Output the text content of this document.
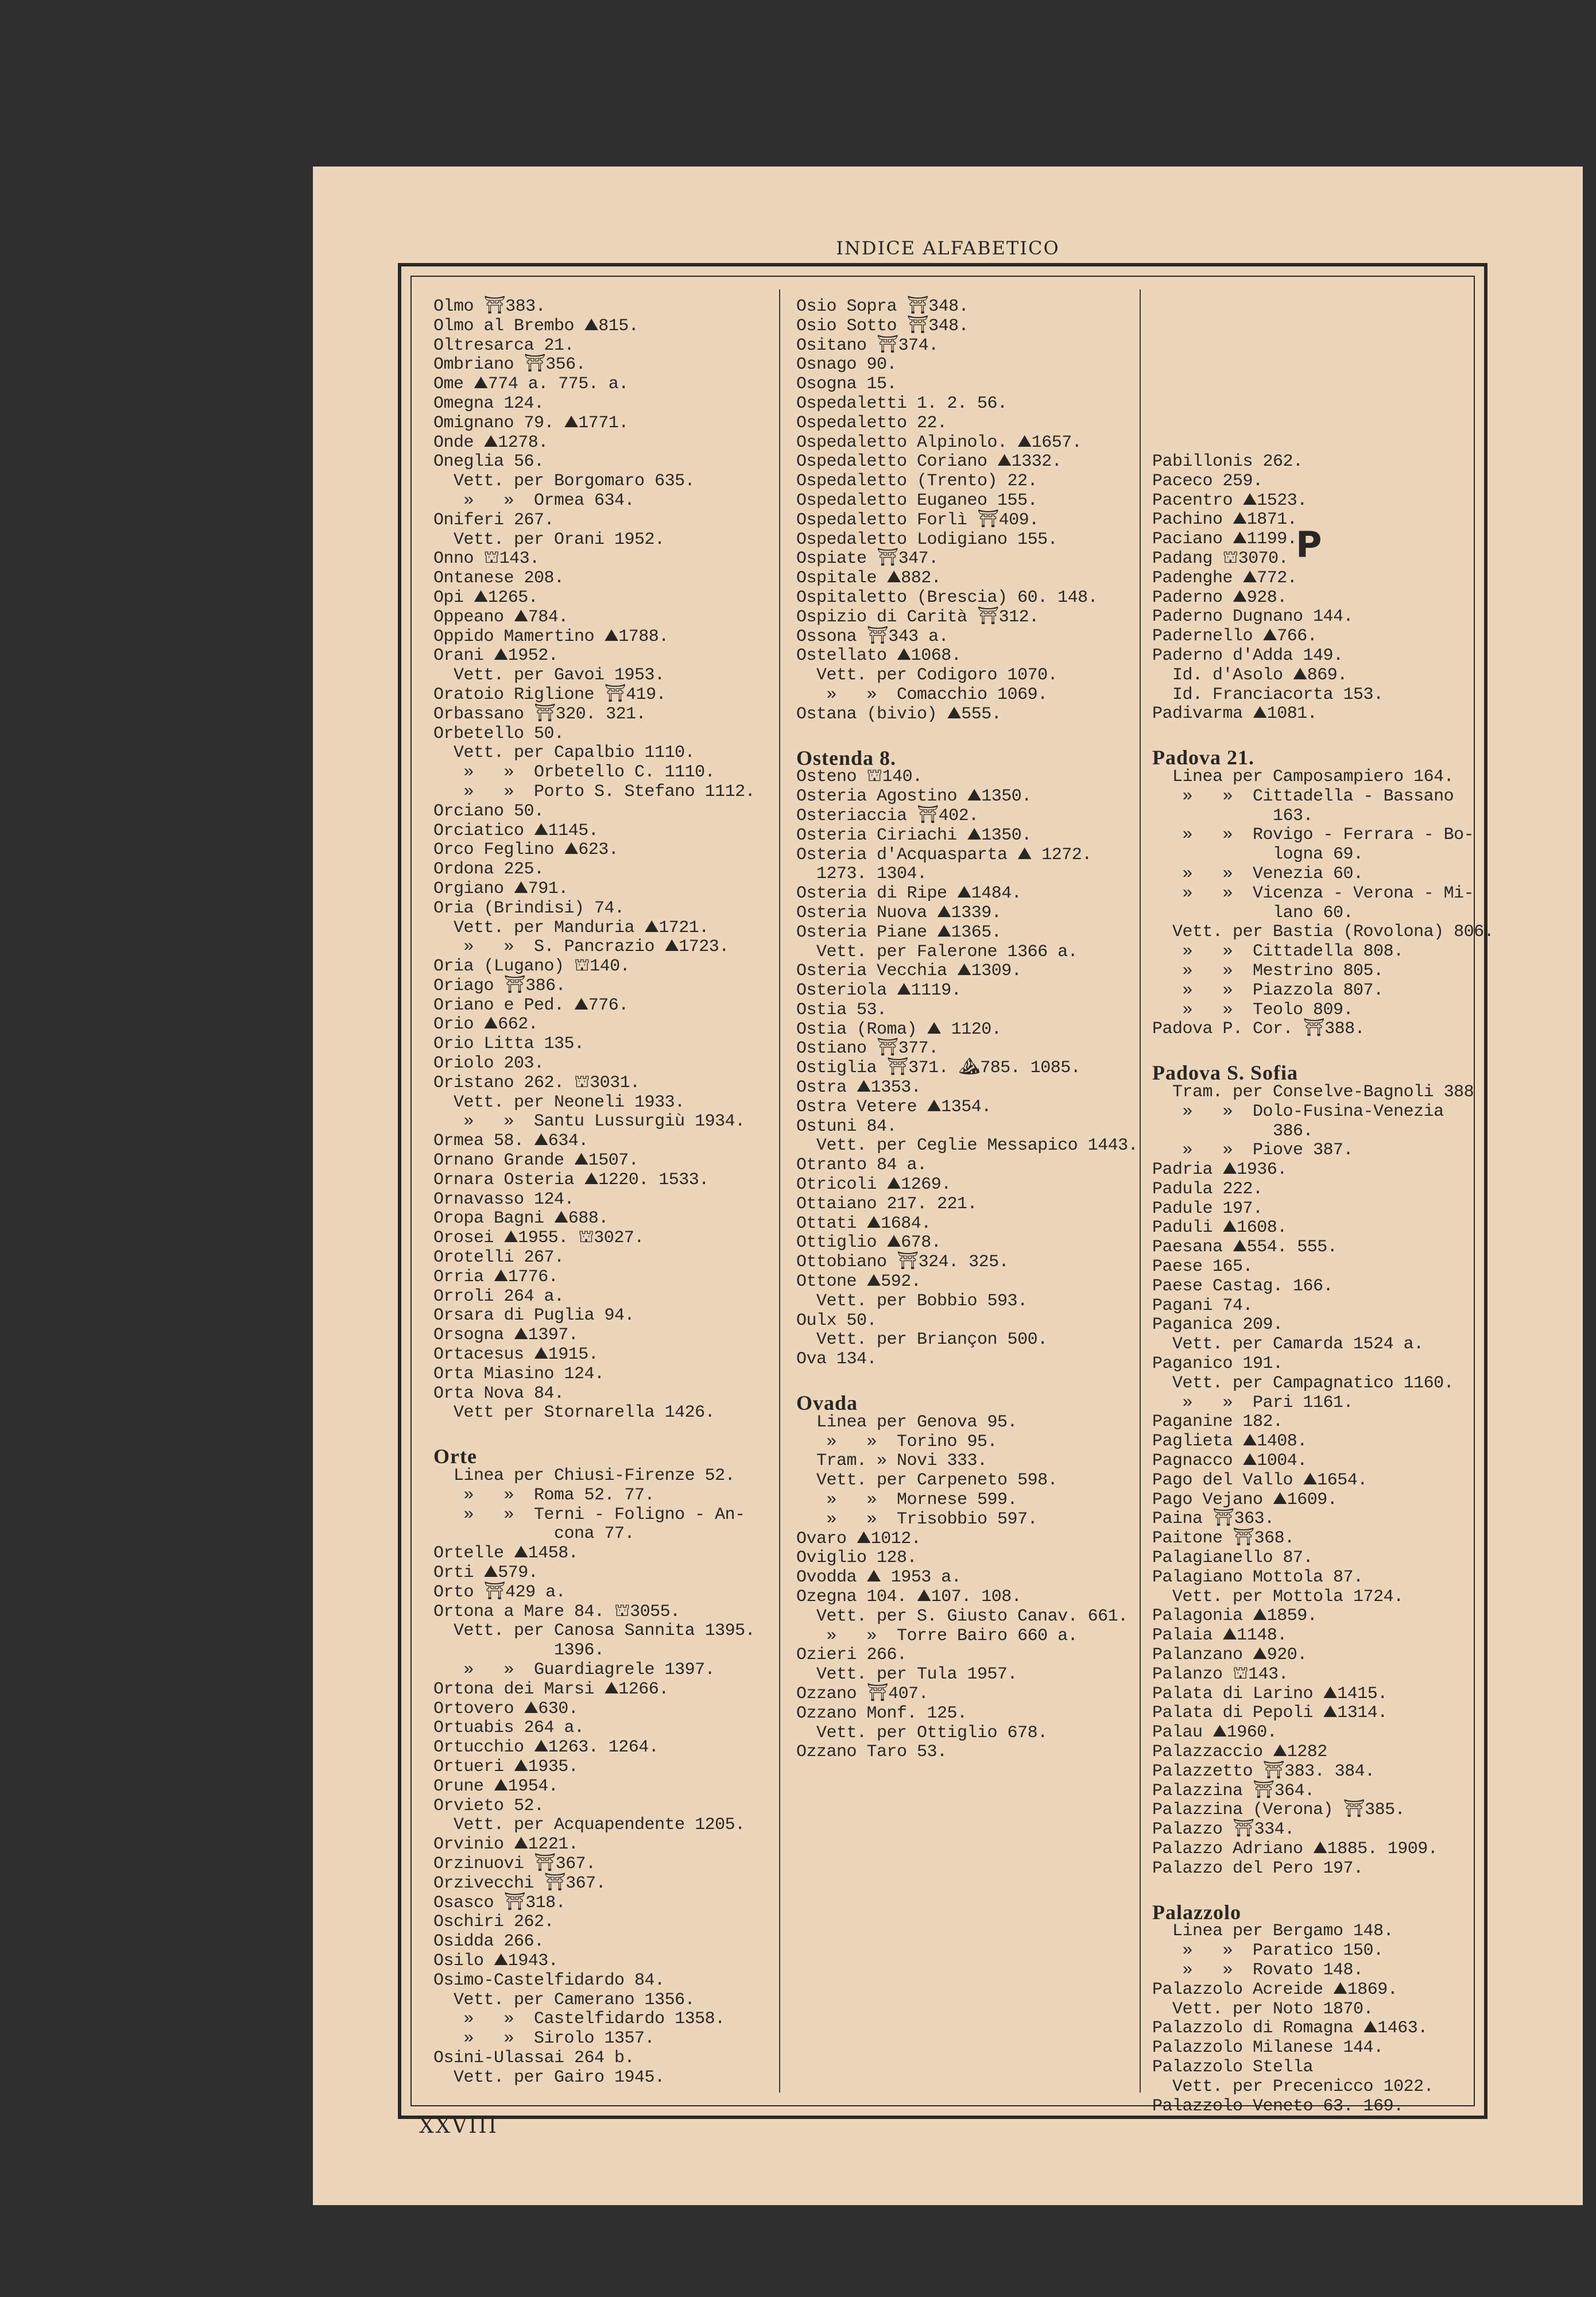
INDICE ALFABETICO
Olmo ⛩383.
Olmo al Brembo ⛰815.
Oltresarca 21.
Ombriano ⛩356.
Ome ⛰774 a. 775. a.
Omegna 124.
Omignano 79. ⛰1771.
Onde ⛰1278.
Oneglia 56.
Vett. per Borgomaro 635.
»   »  Ormea 634.
Oniferi 267.
Vett. per Orani 1952.
Onno ⛫143.
Ontanese 208.
Opi ⛰1265.
Oppeano ⛰784.
Oppido Mamertino ⛰1788.
Orani ⛰1952.
Vett. per Gavoi 1953.
Oratoio Riglione ⛩419.
Orbassano ⛩320. 321.
Orbetello 50.
Vett. per Capalbio 1110.
»   »  Orbetello C. 1110.
»   »  Porto S. Stefano 1112.
Orciano 50.
Orciatico ⛰1145.
Orco Feglino ⛰623.
Ordona 225.
Orgiano ⛰791.
Oria (Brindisi) 74.
Vett. per Manduria ⛰1721.
»   »  S. Pancrazio ⛰1723.
Oria (Lugano) ⛫140.
Oriago ⛩386.
Oriano e Ped. ⛰776.
Orio ⛰662.
Orio Litta 135.
Oriolo 203.
Oristano 262. ⛫3031.
Vett. per Neoneli 1933.
»   »  Santu Lussurgiù 1934.
Ormea 58. ⛰634.
Ornano Grande ⛰1507.
Ornara Osteria ⛰1220. 1533.
Ornavasso 124.
Oropa Bagni ⛰688.
Orosei ⛰1955. ⛫3027.
Orotelli 267.
Orria ⛰1776.
Orroli 264 a.
Orsara di Puglia 94.
Orsogna ⛰1397.
Ortacesus ⛰1915.
Orta Miasino 124.
Orta Nova 84.
Vett per Stornarella 1426.
Orte
Linea per Chiusi-Firenze 52.
»   »  Roma 52. 77.
»   »  Terni - Foligno - An-
cona 77.
Ortelle ⛰1458.
Orti ⛰579.
Orto ⛩429 a.
Ortona a Mare 84. ⛫3055.
Vett. per Canosa Sannita 1395.
1396.
»   »  Guardiagrele 1397.
Ortona dei Marsi ⛰1266.
Ortovero ⛰630.
Ortuabis 264 a.
Ortucchio ⛰1263. 1264.
Ortueri ⛰1935.
Orune ⛰1954.
Orvieto 52.
Vett. per Acquapendente 1205.
Orvinio ⛰1221.
Orzinuovi ⛩367.
Orzivecchi ⛩367.
Osasco ⛩318.
Oschiri 262.
Osidda 266.
Osilo ⛰1943.
Osimo-Castelfidardo 84.
Vett. per Camerano 1356.
»   »  Castelfidardo 1358.
»   »  Sirolo 1357.
Osini-Ulassai 264 b.
Vett. per Gairo 1945.
Osio Sopra ⛩348.
Osio Sotto ⛩348.
Ositano ⛩374.
Osnago 90.
Osogna 15.
Ospedaletti 1. 2. 56.
Ospedaletto 22.
Ospedaletto Alpinolo. ⛰1657.
Ospedaletto Coriano ⛰1332.
Ospedaletto (Trento) 22.
Ospedaletto Euganeo 155.
Ospedaletto Forlì ⛩409.
Ospedaletto Lodigiano 155.
Ospiate ⛩347.
Ospitale ⛰882.
Ospitaletto (Brescia) 60. 148.
Ospizio di Carità ⛩312.
Ossona ⛩343 a.
Ostellato ⛰1068.
Vett. per Codigoro 1070.
»   »  Comacchio 1069.
Ostana (bivio) ⛰555.
Ostenda 8.
Osteno ⛫140.
Osteria Agostino ⛰1350.
Osteriaccia ⛩402.
Osteria Ciriachi ⛰1350.
Osteria d'Acquasparta ⛰ 1272.
1273. 1304.
Osteria di Ripe ⛰1484.
Osteria Nuova ⛰1339.
Osteria Piane ⛰1365.
Vett. per Falerone 1366 a.
Osteria Vecchia ⛰1309.
Osteriola ⛰1119.
Ostia 53.
Ostia (Roma) ⛰ 1120.
Ostiano ⛩377.
Ostiglia ⛩371. ⛰785. 1085.
Ostra ⛰1353.
Ostra Vetere ⛰1354.
Ostuni 84.
Vett. per Ceglie Messapico 1443.
Otranto 84 a.
Otricoli ⛰1269.
Ottaiano 217. 221.
Ottati ⛰1684.
Ottiglio ⛰678.
Ottobiano ⛩324. 325.
Ottone ⛰592.
Vett. per Bobbio 593.
Oulx 50.
Vett. per Briançon 500.
Ova 134.
Ovada
Linea per Genova 95.
»   »  Torino 95.
Tram. » Novi 333.
Vett. per Carpeneto 598.
»   »  Mornese 599.
»   »  Trisobbio 597.
Ovaro ⛰1012.
Oviglio 128.
Ovodda ⛰ 1953 a.
Ozegna 104. ⛰107. 108.
Vett. per S. Giusto Canav. 661.
»   »  Torre Bairo 660 a.
Ozieri 266.
Vett. per Tula 1957.
Ozzano ⛩407.
Ozzano Monf. 125.
Vett. per Ottiglio 678.
Ozzano Taro 53.
Pabillonis 262.
Paceco 259.
Pacentro ⛰1523.
Pachino ⛰1871.
Paciano ⛰1199.
Padang ⛫3070.
Padenghe ⛰772.
Paderno ⛰928.
Paderno Dugnano 144.
Padernello ⛰766.
Paderno d'Adda 149.
Id. d'Asolo ⛰869.
Id. Franciacorta 153.
Padivarma ⛰1081.
Padova 21.
Linea per Camposampiero 164.
»   »  Cittadella - Bassano
163.
»   »  Rovigo - Ferrara - Bo-
logna 69.
»   »  Venezia 60.
»   »  Vicenza - Verona - Mi-
lano 60.
Vett. per Bastia (Rovolona) 806.
»   »  Cittadella 808.
»   »  Mestrino 805.
»   »  Piazzola 807.
»   »  Teolo 809.
Padova P. Cor. ⛩388.
Padova S. Sofia
Tram. per Conselve-Bagnoli 388
»   »  Dolo-Fusina-Venezia
386.
»   »  Piove 387.
Padria ⛰1936.
Padula 222.
Padule 197.
Paduli ⛰1608.
Paesana ⛰554. 555.
Paese 165.
Paese Castag. 166.
Pagani 74.
Paganica 209.
Vett. per Camarda 1524 a.
Paganico 191.
Vett. per Campagnatico 1160.
»   »  Pari 1161.
Paganine 182.
Paglieta ⛰1408.
Pagnacco ⛰1004.
Pago del Vallo ⛰1654.
Pago Vejano ⛰1609.
Paina ⛩363.
Paitone ⛩368.
Palagianello 87.
Palagiano Mottola 87.
Vett. per Mottola 1724.
Palagonia ⛰1859.
Palaia ⛰1148.
Palanzano ⛰920.
Palanzo ⛫143.
Palata di Larino ⛰1415.
Palata di Pepoli ⛰1314.
Palau ⛰1960.
Palazzaccio ⛰1282
Palazzetto ⛩383. 384.
Palazzina ⛩364.
Palazzina (Verona) ⛩385.
Palazzo ⛩334.
Palazzo Adriano ⛰1885. 1909.
Palazzo del Pero 197.
Palazzolo
Linea per Bergamo 148.
»   »  Paratico 150.
»   »  Rovato 148.
Palazzolo Acreide ⛰1869.
Vett. per Noto 1870.
Palazzolo di Romagna ⛰1463.
Palazzolo Milanese 144.
Palazzolo Stella
Vett. per Precenicco 1022.
Palazzolo Veneto 63. 169.
P
XXVIII
